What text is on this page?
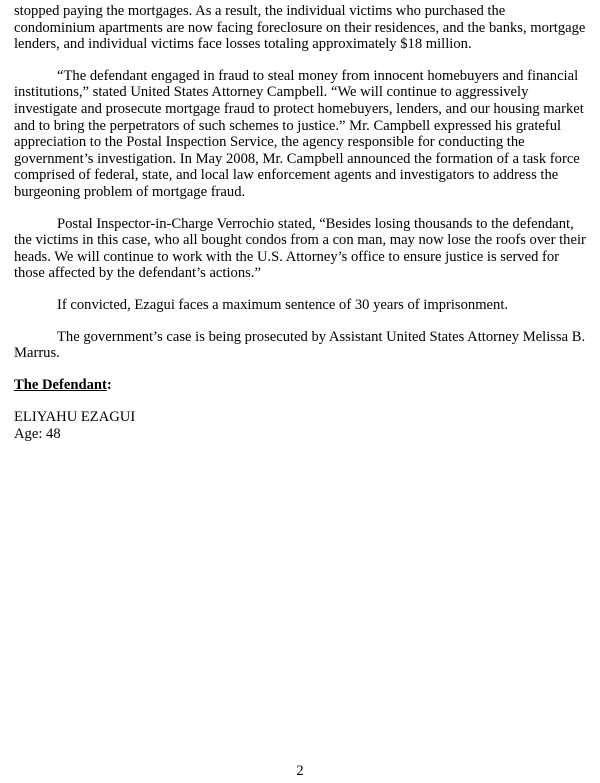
stopped paying the mortgages. As a result, the individual victims who purchased the condominium apartments are now facing foreclosure on their residences, and the banks, mortgage lenders, and individual victims face losses totaling approximately $18 million.

“The defendant engaged in fraud to steal money from innocent homebuyers and financial institutions,” stated United States Attorney Campbell. “We will continue to aggressively investigate and prosecute mortgage fraud to protect homebuyers, lenders, and our housing market and to bring the perpetrators of such schemes to justice.” Mr. Campbell expressed his grateful appreciation to the Postal Inspection Service, the agency responsible for conducting the government’s investigation. In May 2008, Mr. Campbell announced the formation of a task force comprised of federal, state, and local law enforcement agents and investigators to address the burgeoning problem of mortgage fraud.

Postal Inspector-in-Charge Verrochio stated, “Besides losing thousands to the defendant, the victims in this case, who all bought condos from a con man, may now lose the roofs over their heads. We will continue to work with the U.S. Attorney’s office to ensure justice is served for those affected by the defendant’s actions.”

If convicted, Ezagui faces a maximum sentence of 30 years of imprisonment.

The government’s case is being prosecuted by Assistant United States Attorney Melissa B. Marrus.

The Defendant:

ELIYAHU EZAGUI

Age: 48

2
